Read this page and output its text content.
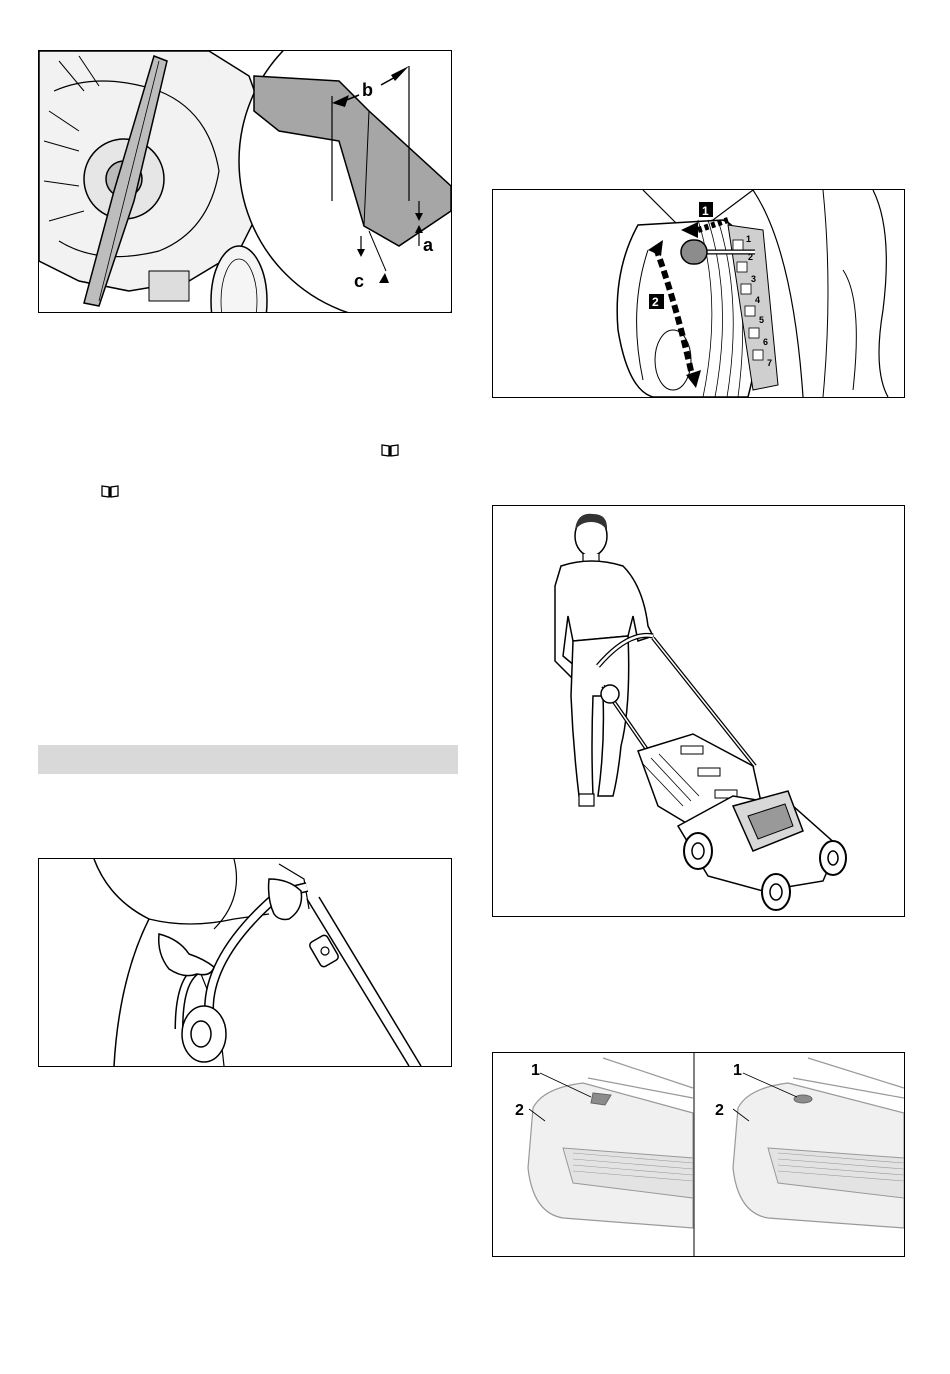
b
a
c
1
2
3
4
5
6
7
1
2
1
2
1
2
